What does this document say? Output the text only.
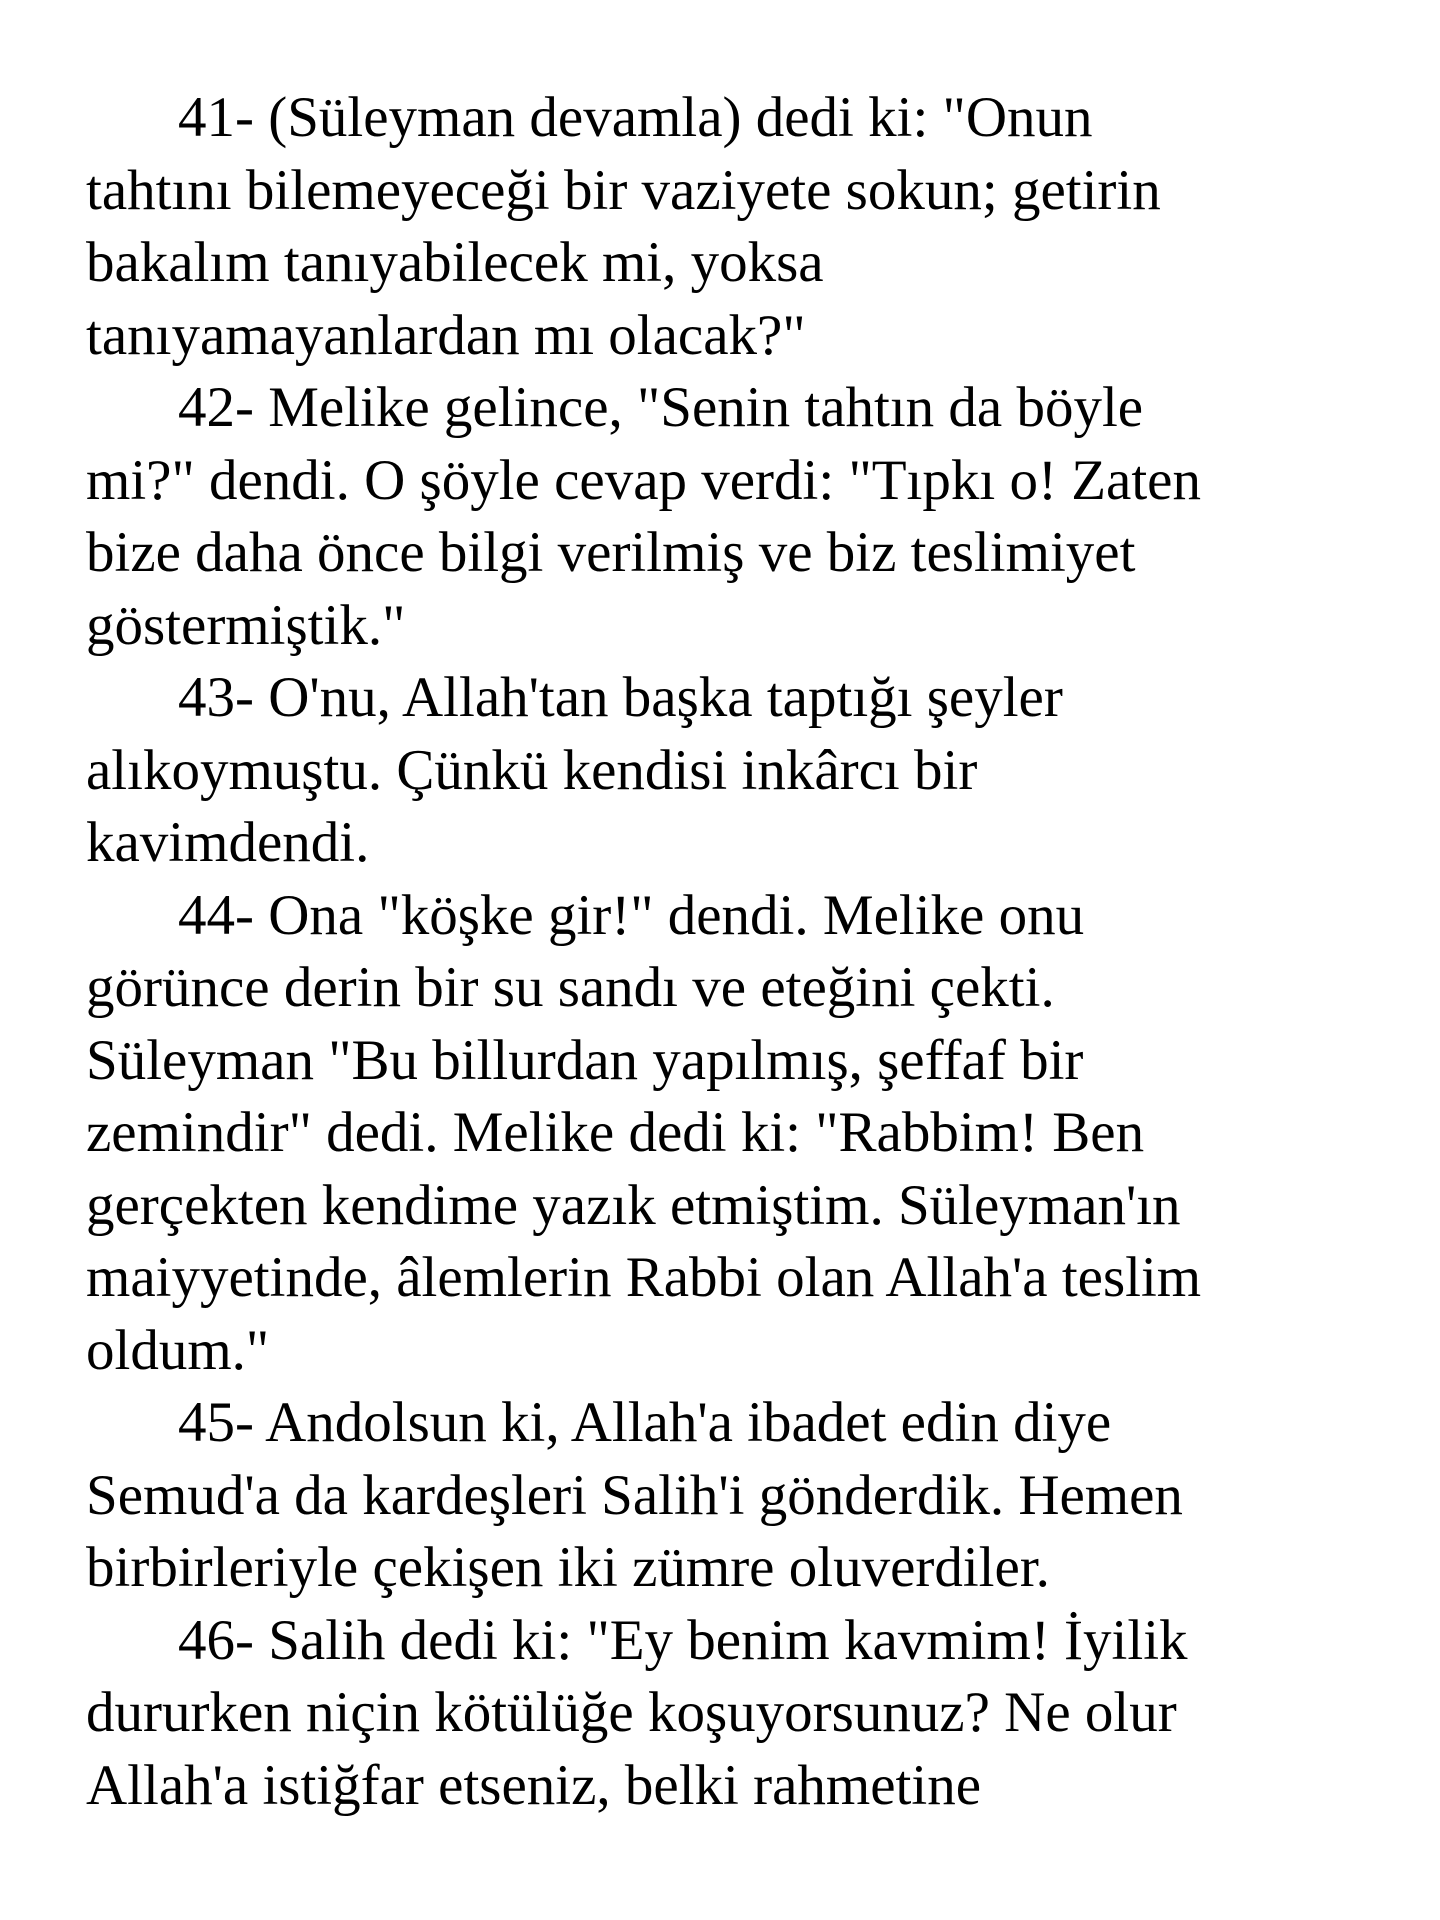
41- (Süleyman devamla) dedi ki: "Onun
tahtını bilemeyeceği bir vaziyete sokun; getirin
bakalım tanıyabilecek mi, yoksa
tanıyamayanlardan mı olacak?"
42- Melike gelince, "Senin tahtın da böyle
mi?" dendi. O şöyle cevap verdi: "Tıpkı o! Zaten
bize daha önce bilgi verilmiş ve biz teslimiyet
göstermiştik."
43- O'nu, Allah'tan başka taptığı şeyler
alıkoymuştu. Çünkü kendisi inkârcı bir
kavimdendi.
44- Ona "köşke gir!" dendi. Melike onu
görünce derin bir su sandı ve eteğini çekti.
Süleyman "Bu billurdan yapılmış, şeffaf bir
zemindir" dedi. Melike dedi ki: "Rabbim! Ben
gerçekten kendime yazık etmiştim. Süleyman'ın
maiyyetinde, âlemlerin Rabbi olan Allah'a teslim
oldum."
45- Andolsun ki, Allah'a ibadet edin diye
Semud'a da kardeşleri Salih'i gönderdik. Hemen
birbirleriyle çekişen iki zümre oluverdiler.
46- Salih dedi ki: "Ey benim kavmim! İyilik
dururken niçin kötülüğe koşuyorsunuz? Ne olur
Allah'a istiğfar etseniz, belki rahmetine
